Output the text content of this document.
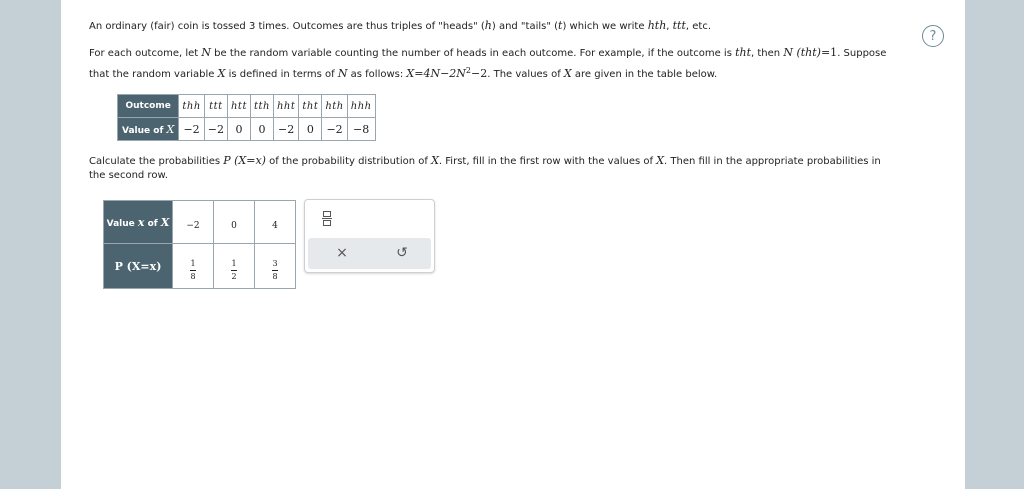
?
An ordinary (fair) coin is tossed 3 times. Outcomes are thus triples of "heads" (h) and "tails" (t) which we write hth, ttt, etc.
For each outcome, let N be the random variable counting the number of heads in each outcome. For example, if the outcome is tht, then N (tht)=1. Suppose
that the random variable X is defined in terms of N as follows: $X=4N-2N^2-2$. The values of X are given in the table below.
Outcome	thh	ttt	htt	tth	hht	tht	hth	hhh
Value of X	−2	−2	0	0	−2	0	−2	−8
Calculate the probabilities P (X=x) of the probability distribution of X. First, fill in the first row with the values of X. Then fill in the appropriate probabilities in
the second row.
Value x of X	−2	0	4
P (X=x)	$\frac{1}{8}$	$\frac{1}{2}$	$\frac{3}{8}$
×	↺
